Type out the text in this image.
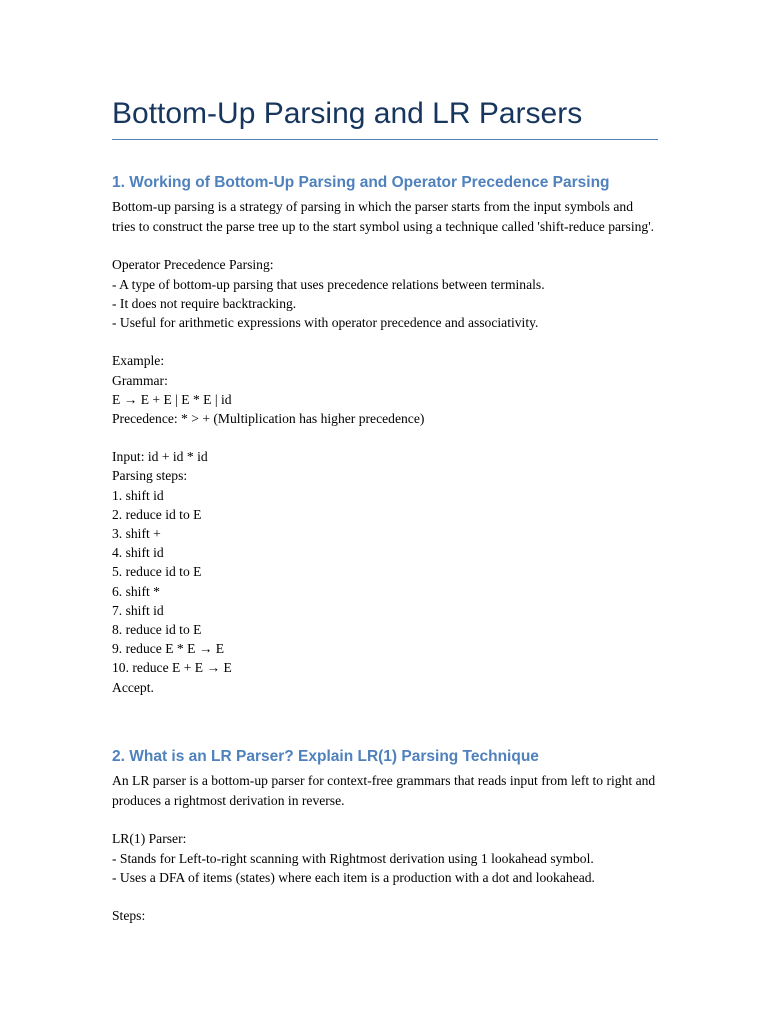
Bottom-Up Parsing and LR Parsers
1. Working of Bottom-Up Parsing and Operator Precedence Parsing

Bottom-up parsing is a strategy of parsing in which the parser starts from the input symbols and tries to construct the parse tree up to the start symbol using a technique called 'shift-reduce parsing'.

Operator Precedence Parsing:
- A type of bottom-up parsing that uses precedence relations between terminals.
- It does not require backtracking.
- Useful for arithmetic expressions with operator precedence and associativity.
Example:
Grammar:
E → E + E | E * E | id
Precedence: * > + (Multiplication has higher precedence)
Input: id + id * id
Parsing steps:
1. shift id
2. reduce id to E
3. shift +
4. shift id
5. reduce id to E
6. shift *
7. shift id
8. reduce id to E
9. reduce E * E → E
10. reduce E + E → E
Accept.
2. What is an LR Parser? Explain LR(1) Parsing Technique

An LR parser is a bottom-up parser for context-free grammars that reads input from left to right and produces a rightmost derivation in reverse.

LR(1) Parser:
- Stands for Left-to-right scanning with Rightmost derivation using 1 lookahead symbol.
- Uses a DFA of items (states) where each item is a production with a dot and lookahead.
Steps:
